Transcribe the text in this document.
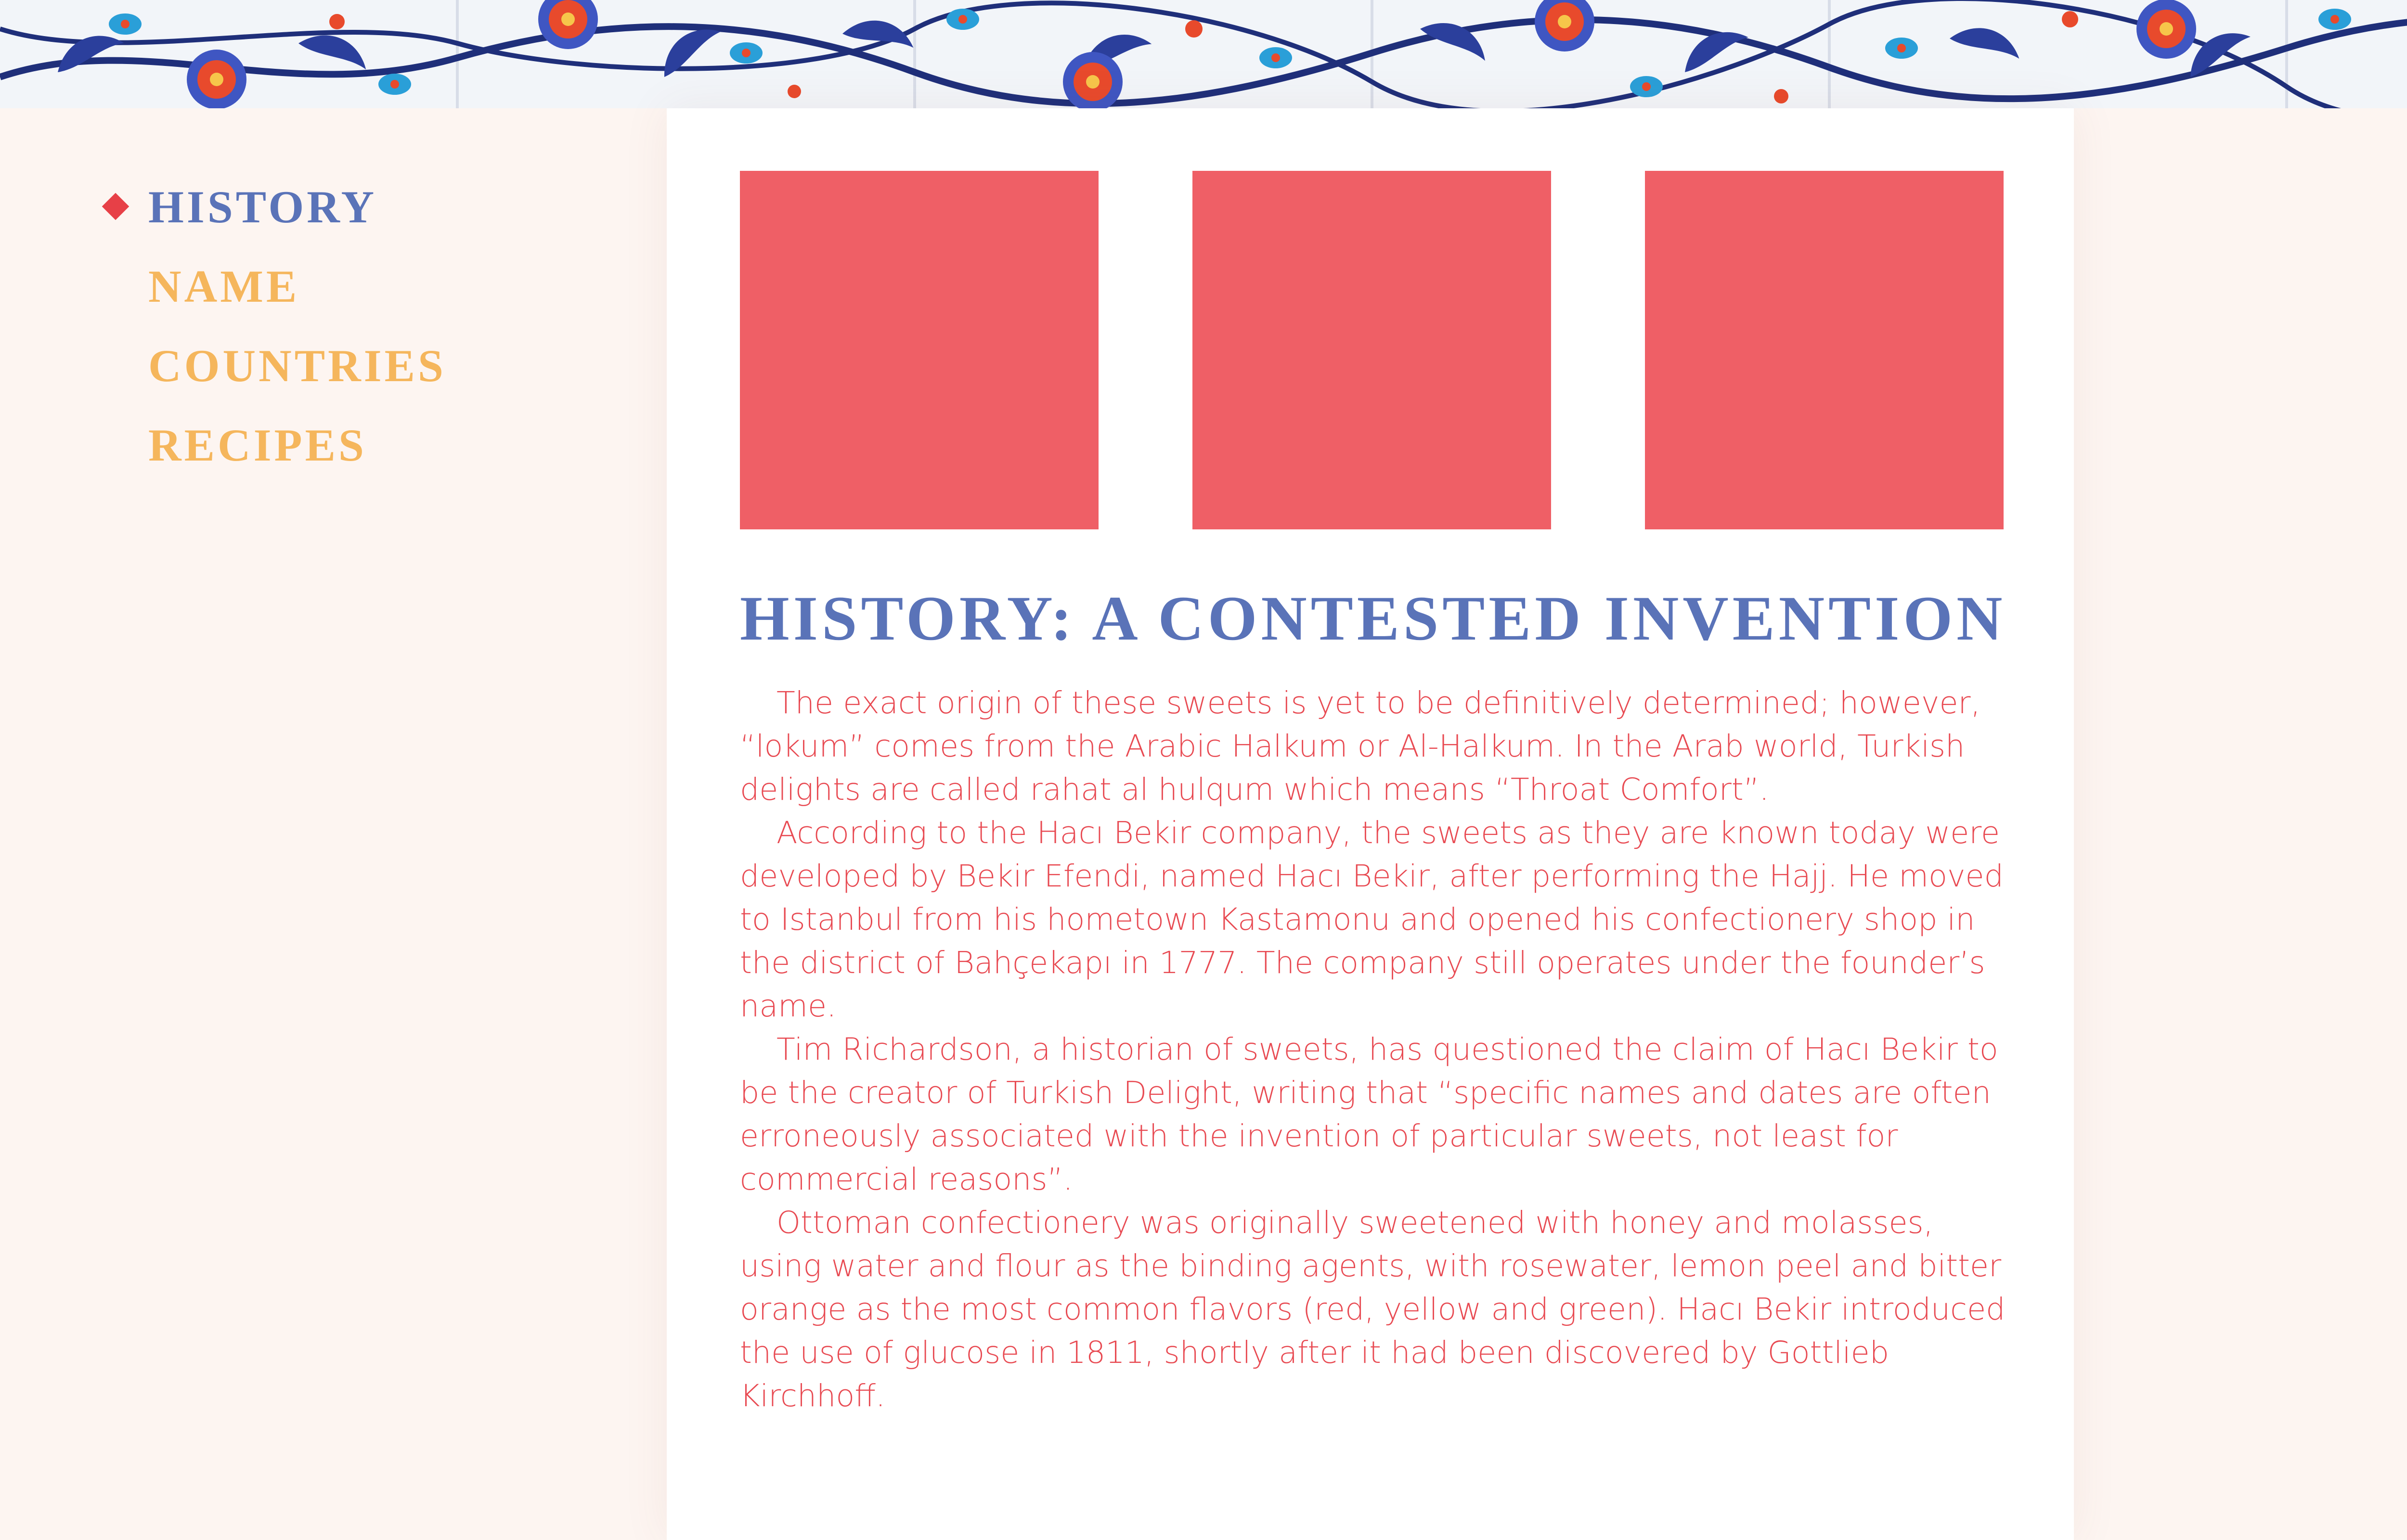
HISTORY
NAME
COUNTRIES
RECIPES
HISTORY: A CONTESTED INVENTION

The exact origin of these sweets is yet to be definitively determined; however, “lokum” comes from the Arabic Halkum or Al-Halkum. In the Arab world, Turkish delights are called rahat al hulqum which means “Throat Comfort”.

According to the Hacı Bekir company, the sweets as they are known today were developed by Bekir Efendi, named Hacı Bekir, after performing the Hajj. He moved to Istanbul from his hometown Kastamonu and opened his confectionery shop in the district of Bahçekapı in 1777. The company still operates under the founder’s name.

Tim Richardson, a historian of sweets, has questioned the claim of Hacı Bekir to be the creator of Turkish Delight, writing that “specific names and dates are often erroneously associated with the invention of particular sweets, not least for commercial reasons”.

Ottoman confectionery was originally sweetened with honey and molasses, using water and flour as the binding agents, with rosewater, lemon peel and bitter orange as the most common flavors (red, yellow and green). Hacı Bekir introduced the use of glucose in 1811, shortly after it had been discovered by Gottlieb Kirchhoff.
